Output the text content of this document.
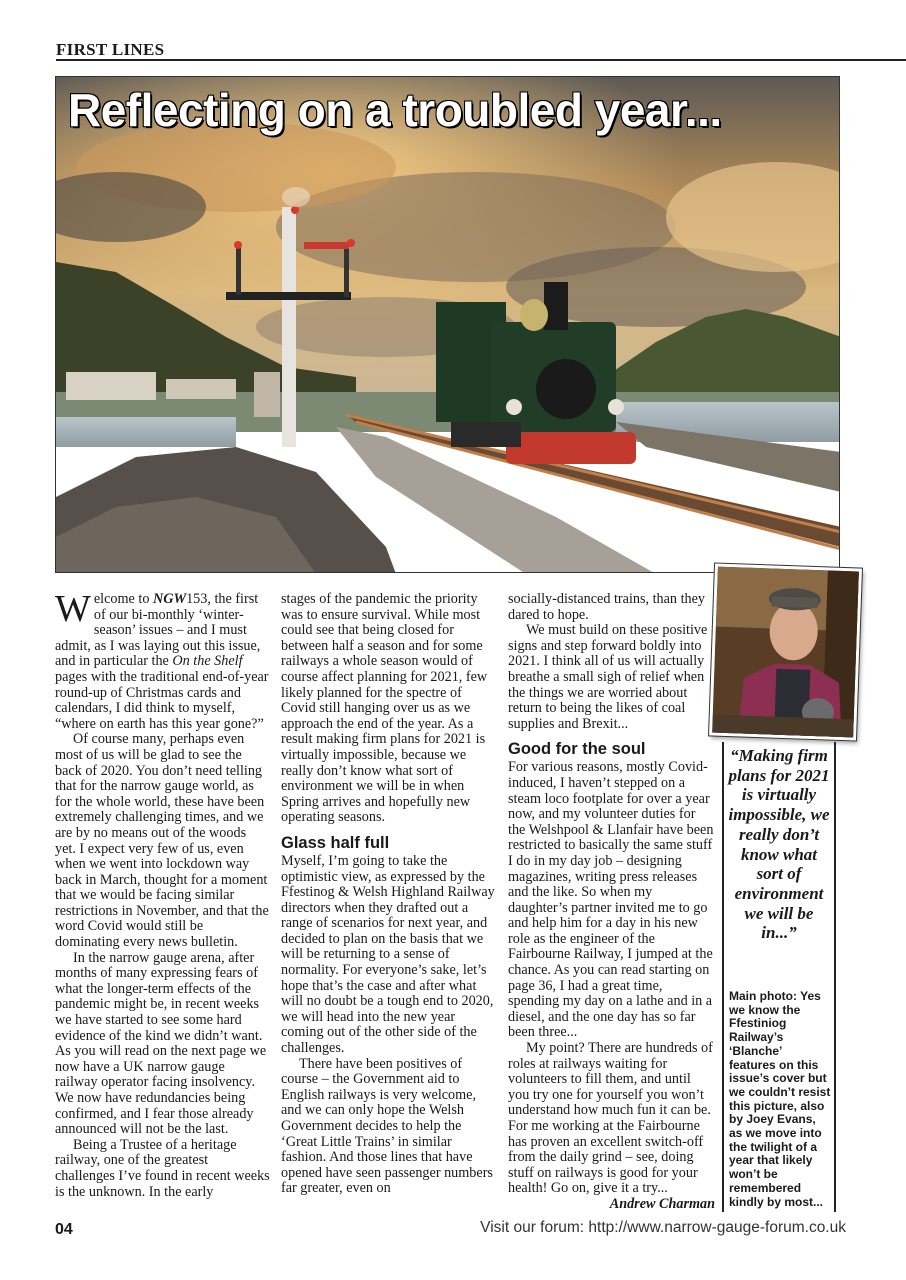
FIRST LINES
Reflecting on a troubled year...

Welcome to NGW153, the first of our bi-monthly ‘winter-season’ issues – and I must admit, as I was laying out this issue, and in particular the On the Shelf pages with the traditional end-of-year round-up of Christmas cards and calendars, I did think to myself, “where on earth has this year gone?”

Of course many, perhaps even most of us will be glad to see the back of 2020. You don’t need telling that for the narrow gauge world, as for the whole world, these have been extremely challenging times, and we are by no means out of the woods yet. I expect very few of us, even when we went into lockdown way back in March, thought for a moment that we would be facing similar restrictions in November, and that the word Covid would still be dominating every news bulletin.

In the narrow gauge arena, after months of many expressing fears of what the longer-term effects of the pandemic might be, in recent weeks we have started to see some hard evidence of the kind we didn’t want. As you will read on the next page we now have a UK narrow gauge railway operator facing insolvency. We now have redundancies being confirmed, and I fear those already announced will not be the last.

Being a Trustee of a heritage railway, one of the greatest challenges I’ve found in recent weeks is the unknown. In the early

stages of the pandemic the priority was to ensure survival. While most could see that being closed for between half a season and for some railways a whole season would of course affect planning for 2021, few likely planned for the spectre of Covid still hanging over us as we approach the end of the year. As a result making firm plans for 2021 is virtually impossible, because we really don’t know what sort of environment we will be in when Spring arrives and hopefully new operating seasons.

Glass half full

Myself, I’m going to take the optimistic view, as expressed by the Ffestinog & Welsh Highland Railway directors when they drafted out a range of scenarios for next year, and decided to plan on the basis that we will be returning to a sense of normality. For everyone’s sake, let’s hope that’s the case and after what will no doubt be a tough end to 2020, we will head into the new year coming out of the other side of the challenges.

There have been positives of course – the Government aid to English railways is very welcome, and we can only hope the Welsh Government decides to help the ‘Great Little Trains’ in similar fashion. And those lines that have opened have seen passenger numbers far greater, even on

socially-distanced trains, than they dared to hope.

We must build on these positive signs and step forward boldly into 2021. I think all of us will actually breathe a small sigh of relief when the things we are worried about return to being the likes of coal supplies and Brexit...

Good for the soul

For various reasons, mostly Covid-induced, I haven’t stepped on a steam loco footplate for over a year now, and my volunteer duties for the Welshpool & Llanfair have been restricted to basically the same stuff I do in my day job – designing magazines, writing press releases and the like. So when my daughter’s partner invited me to go and help him for a day in his new role as the engineer of the Fairbourne Railway, I jumped at the chance. As you can read starting on page 36, I had a great time, spending my day on a lathe and in a diesel, and the one day has so far been three...

My point? There are hundreds of roles at railways waiting for volunteers to fill them, and until you try one for yourself you won’t understand how much fun it can be. For me working at the Fairbourne has proven an excellent switch-off from the daily grind – see, doing stuff on railways is good for your health! Go on, give it a try...

Andrew Charman

“Making firm plans for 2021 is virtually impossible, we really don’t know what sort of environment we will be in...”
Main photo: Yes we know the Ffestiniog Railway’s ‘Blanche’ features on this issue’s cover but we couldn’t resist this picture, also by Joey Evans, as we move into the twilight of a year that likely won’t be remembered kindly by most...
04	Visit our forum: http://www.narrow-gauge-forum.co.uk
